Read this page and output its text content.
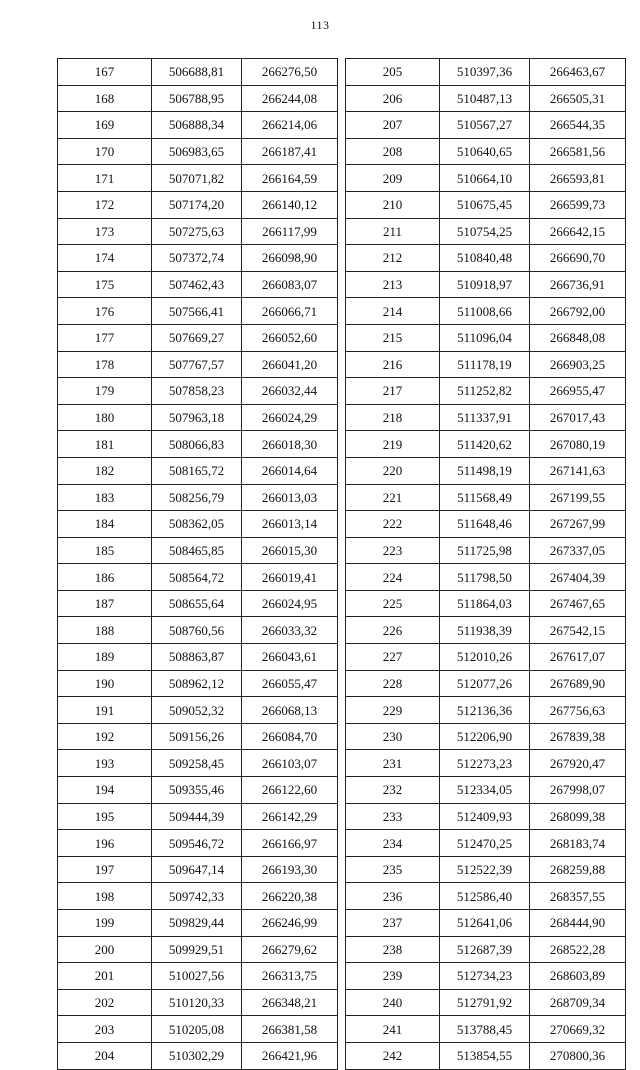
113
167	506688,81	266276,50
168	506788,95	266244,08
169	506888,34	266214,06
170	506983,65	266187,41
171	507071,82	266164,59
172	507174,20	266140,12
173	507275,63	266117,99
174	507372,74	266098,90
175	507462,43	266083,07
176	507566,41	266066,71
177	507669,27	266052,60
178	507767,57	266041,20
179	507858,23	266032,44
180	507963,18	266024,29
181	508066,83	266018,30
182	508165,72	266014,64
183	508256,79	266013,03
184	508362,05	266013,14
185	508465,85	266015,30
186	508564,72	266019,41
187	508655,64	266024,95
188	508760,56	266033,32
189	508863,87	266043,61
190	508962,12	266055,47
191	509052,32	266068,13
192	509156,26	266084,70
193	509258,45	266103,07
194	509355,46	266122,60
195	509444,39	266142,29
196	509546,72	266166,97
197	509647,14	266193,30
198	509742,33	266220,38
199	509829,44	266246,99
200	509929,51	266279,62
201	510027,56	266313,75
202	510120,33	266348,21
203	510205,08	266381,58
204	510302,29	266421,96
205	510397,36	266463,67
206	510487,13	266505,31
207	510567,27	266544,35
208	510640,65	266581,56
209	510664,10	266593,81
210	510675,45	266599,73
211	510754,25	266642,15
212	510840,48	266690,70
213	510918,97	266736,91
214	511008,66	266792,00
215	511096,04	266848,08
216	511178,19	266903,25
217	511252,82	266955,47
218	511337,91	267017,43
219	511420,62	267080,19
220	511498,19	267141,63
221	511568,49	267199,55
222	511648,46	267267,99
223	511725,98	267337,05
224	511798,50	267404,39
225	511864,03	267467,65
226	511938,39	267542,15
227	512010,26	267617,07
228	512077,26	267689,90
229	512136,36	267756,63
230	512206,90	267839,38
231	512273,23	267920,47
232	512334,05	267998,07
233	512409,93	268099,38
234	512470,25	268183,74
235	512522,39	268259,88
236	512586,40	268357,55
237	512641,06	268444,90
238	512687,39	268522,28
239	512734,23	268603,89
240	512791,92	268709,34
241	513788,45	270669,32
242	513854,55	270800,36
